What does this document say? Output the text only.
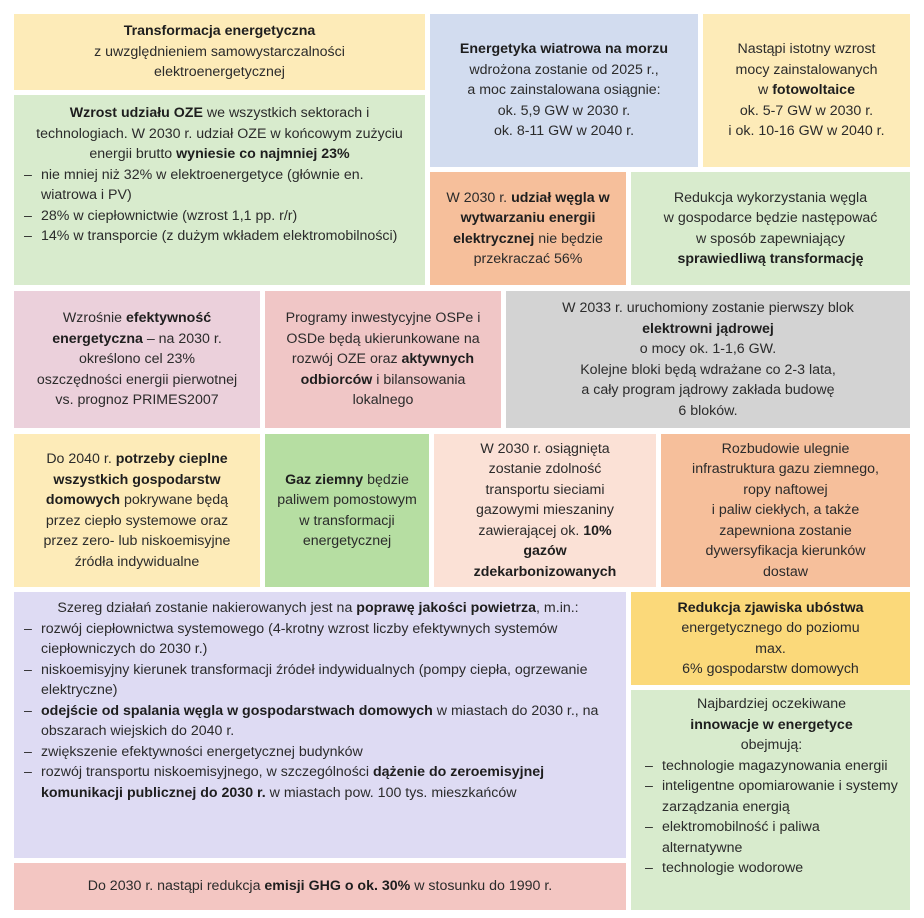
Transformacja energetyczna

z uwzględnieniem samowystarczalności

elektroenergetycznej

Wzrost udziału OZE we wszystkich sektorach i technologiach. W 2030 r. udział OZE w końcowym zużyciu energii brutto wyniesie co najmniej 23%

– nie mniej niż 32% w elektroenergetyce (głównie en. wiatrowa i PV)
– 28% w ciepłownictwie (wzrost 1,1 pp. r/r)
– 14% w transporcie (z dużym wkładem elektromobilności)

Energetyka wiatrowa na morzu

wdrożona zostanie od 2025 r.,

a moc zainstalowana osiągnie:

ok. 5,9 GW w 2030 r.

ok. 8-11 GW w 2040 r.

Nastąpi istotny wzrost

mocy zainstalowanych

w fotowoltaice

ok. 5-7 GW w 2030 r.

i ok. 10-16 GW w 2040 r.

W 2030 r. udział węgla w wytwarzaniu energii elektrycznej nie będzie przekraczać 56%

Redukcja wykorzystania węgla

w gospodarce będzie następować

w sposób zapewniający

sprawiedliwą transformację

Wzrośnie efektywność energetyczna – na 2030 r. określono cel 23% oszczędności energii pierwotnej vs. prognoz PRIMES2007

Programy inwestycyjne OSPe i OSDe będą ukierunkowane na rozwój OZE oraz aktywnych odbiorców i bilansowania lokalnego

W 2033 r. uruchomiony zostanie pierwszy blok

elektrowni jądrowej

o mocy ok. 1-1,6 GW.

Kolejne bloki będą wdrażane co 2-3 lata,

a cały program jądrowy zakłada budowę

6 bloków.

Do 2040 r. potrzeby cieplne wszystkich gospodarstw domowych pokrywane będą przez ciepło systemowe oraz przez zero- lub niskoemisyjne źródła indywidualne

Gaz ziemny będzie paliwem pomostowym w transformacji energetycznej

W 2030 r. osiągnięta zostanie zdolność transportu sieciami gazowymi mieszaniny zawierającej ok. 10% gazów zdekarbonizowanych

Rozbudowie ulegnie

infrastruktura gazu ziemnego,

ropy naftowej

i paliw ciekłych, a także

zapewniona zostanie

dywersyfikacja kierunków

dostaw

Szereg działań zostanie nakierowanych jest na poprawę jakości powietrza, m.in.:

– rozwój ciepłownictwa systemowego (4-krotny wzrost liczby efektywnych systemów ciepłowniczych do 2030 r.)
– niskoemisyjny kierunek transformacji źródeł indywidualnych (pompy ciepła, ogrzewanie elektryczne)
– odejście od spalania węgla w gospodarstwach domowych w miastach do 2030 r., na obszarach wiejskich do 2040 r.
– zwiększenie efektywności energetycznej budynków
– rozwój transportu niskoemisyjnego, w szczególności dążenie do zeroemisyjnej komunikacji publicznej do 2030 r. w miastach pow. 100 tys. mieszkańców

Redukcja zjawiska ubóstwa

energetycznego do poziomu

max.

6% gospodarstw domowych

Najbardziej oczekiwane

innowacje w energetyce

obejmują:

– technologie magazynowania energii
– inteligentne opomiarowanie i systemy zarządzania energią
– elektromobilność i paliwa alternatywne
– technologie wodorowe

Do 2030 r. nastąpi redukcja emisji GHG o ok. 30% w stosunku do 1990 r.
